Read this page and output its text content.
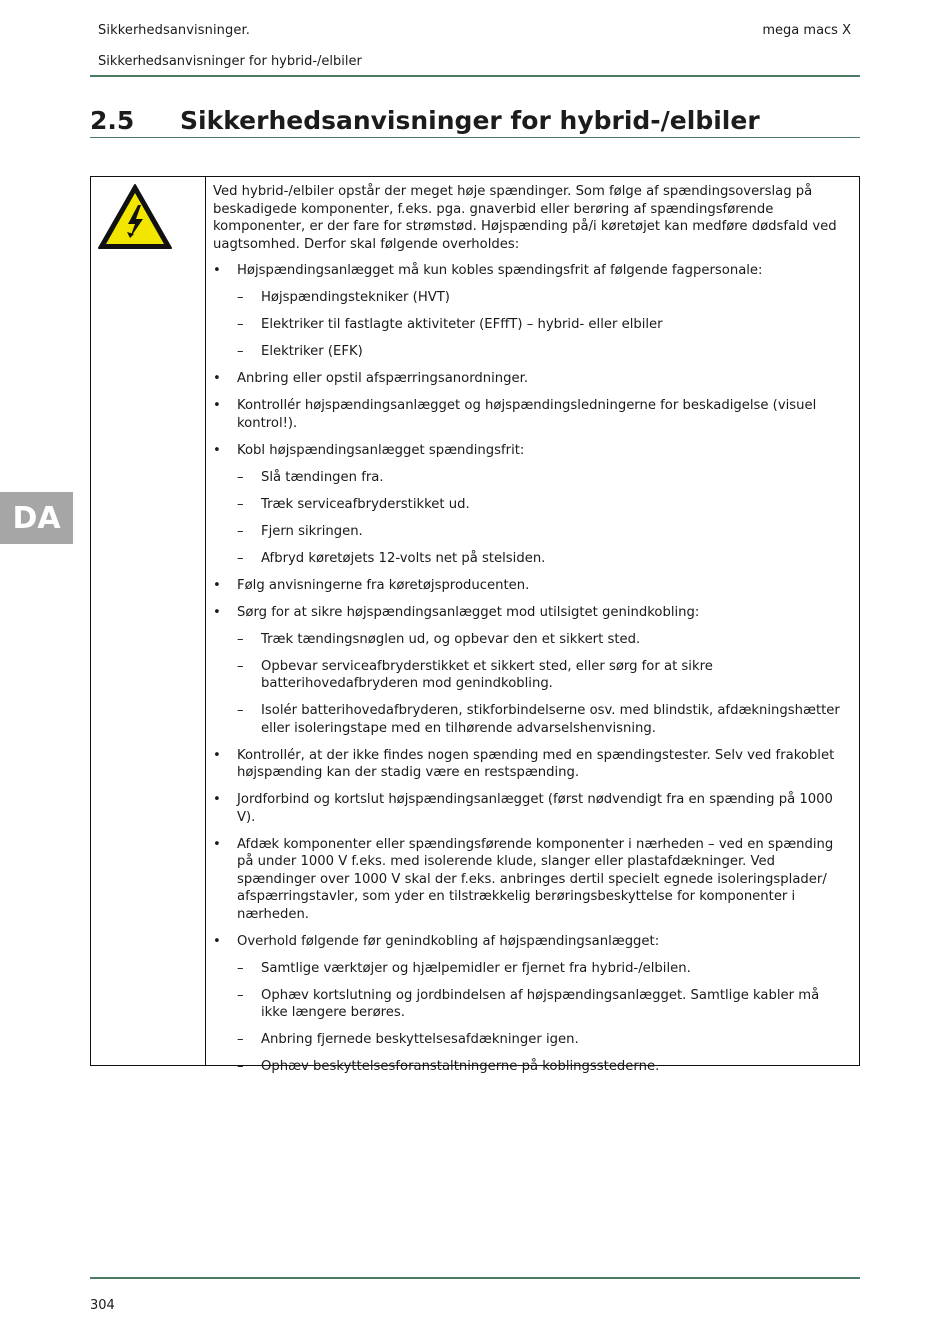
Sikkerhedsanvisninger.	mega macs X
Sikkerhedsanvisninger for hybrid-/elbiler
2.5 Sikkerhedsanvisninger for hybrid-/elbiler

Ved hybrid-/elbiler opstår der meget høje spændinger. Som følge af spændingsoverslag på beskadigede komponenter, f.eks. pga. gnaverbid eller berøring af spændingsførende komponenter, er der fare for strømstød. Højspænding på/i køretøjet kan medføre dødsfald ved uagtsomhed. Derfor skal følgende overholdes:

• Højspændingsanlægget må kun kobles spændingsfrit af følgende fagpersonale:
– Højspændingstekniker (HVT)
– Elektriker til fastlagte aktiviteter (EFffT) – hybrid- eller elbiler
– Elektriker (EFK)
• Anbring eller opstil afspærringsanordninger.
• Kontrollér højspændingsanlægget og højspændingsledningerne for beskadigelse (visuel kontrol!).
• Kobl højspændingsanlægget spændingsfrit:
– Slå tændingen fra.
– Træk serviceafbryderstikket ud.
– Fjern sikringen.
– Afbryd køretøjets 12-volts net på stelsiden.
• Følg anvisningerne fra køretøjsproducenten.
• Sørg for at sikre højspændingsanlægget mod utilsigtet genindkobling:
– Træk tændingsnøglen ud, og opbevar den et sikkert sted.
– Opbevar serviceafbryderstikket et sikkert sted, eller sørg for at sikre batterihovedafbryderen mod genindkobling.
– Isolér batterihovedafbryderen, stikforbindelserne osv. med blindstik, afdækningshætter eller isoleringstape med en tilhørende advarselshenvisning.
• Kontrollér, at der ikke findes nogen spænding med en spændingstester. Selv ved frakoblet højspænding kan der stadig være en restspænding.
• Jordforbind og kortslut højspændingsanlægget (først nødvendigt fra en spænding på 1000 V).
• Afdæk komponenter eller spændingsførende komponenter i nærheden – ved en spænding på under 1000 V f.eks. med isolerende klude, slanger eller plastafdækninger. Ved spændinger over 1000 V skal der f.eks. anbringes dertil specielt egnede isoleringsplader/ afspærringstavler, som yder en tilstrækkelig berøringsbeskyttelse for komponenter i nærheden.
• Overhold følgende før genindkobling af højspændingsanlægget:
– Samtlige værktøjer og hjælpemidler er fjernet fra hybrid-/elbilen.
– Ophæv kortslutning og jordbindelsen af højspændingsanlægget. Samtlige kabler må ikke længere berøres.
– Anbring fjernede beskyttelsesafdækninger igen.
– Ophæv beskyttelsesforanstaltningerne på koblingsstederne.
DA
304
